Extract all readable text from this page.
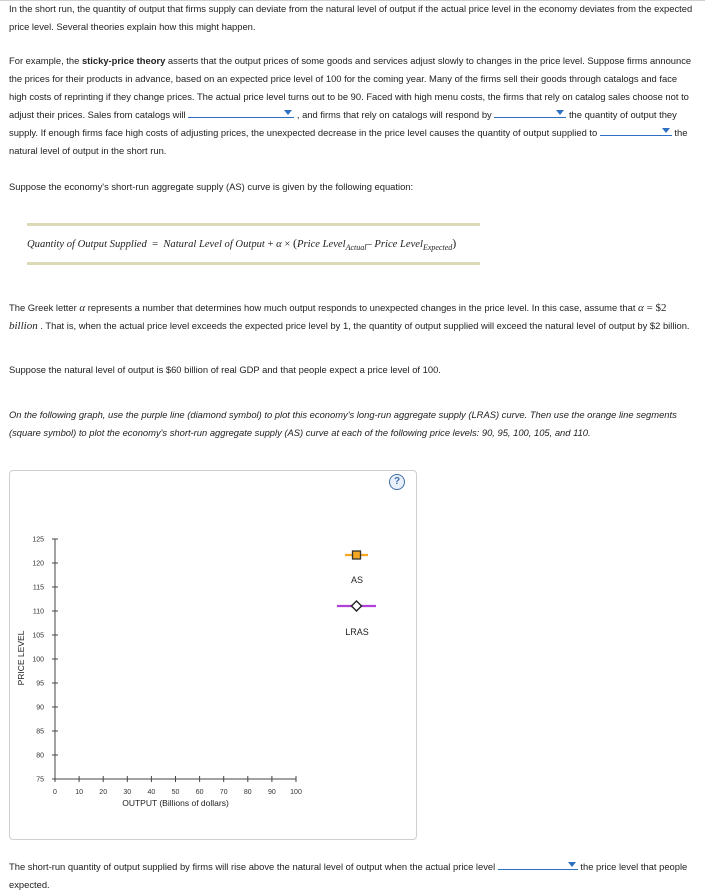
In the short run, the quantity of output that firms supply can deviate from the natural level of output if the actual price level in the economy deviates from the expected price level. Several theories explain how this might happen.

For example, the sticky-price theory asserts that the output prices of some goods and services adjust slowly to changes in the price level. Suppose firms announce the prices for their products in advance, based on an expected price level of 100 for the coming year. Many of the firms sell their goods through catalogs and face high costs of reprinting if they change prices. The actual price level turns out to be 90. Faced with high menu costs, the firms that rely on catalog sales choose not to adjust their prices. Sales from catalogs will	, and firms that rely on catalogs will respond by	the quantity of output they supply. If enough firms face high costs of adjusting prices, the unexpected decrease in the price level causes the quantity of output supplied to	the natural level of output in the short run.

Suppose the economy's short-run aggregate supply (AS) curve is given by the following equation:

Quantity of Output Supplied = Natural Level of Output + α × (Price Level$_{Actual}$– Price Level$_{Expected}$)

The Greek letter α represents a number that determines how much output responds to unexpected changes in the price level. In this case, assume that α = $2 billion . That is, when the actual price level exceeds the expected price level by 1, the quantity of output supplied will exceed the natural level of output by $2 billion.

Suppose the natural level of output is $60 billion of real GDP and that people expect a price level of 100.

On the following graph, use the purple line (diamond symbol) to plot this economy's long-run aggregate supply (LRAS) curve. Then use the orange line segments (square symbol) to plot the economy's short-run aggregate supply (AS) curve at each of the following price levels: 90, 95, 100, 105, and 110.

?
75
80
85
90
95
100
105
110
115
120
125
0	10 20 30 40 50 60 70 80 90 100
OUTPUT (Billions of dollars)
PRICE LEVEL
AS
LRAS

The short-run quantity of output supplied by firms will rise above the natural level of output when the actual price level	the price level that people expected.
